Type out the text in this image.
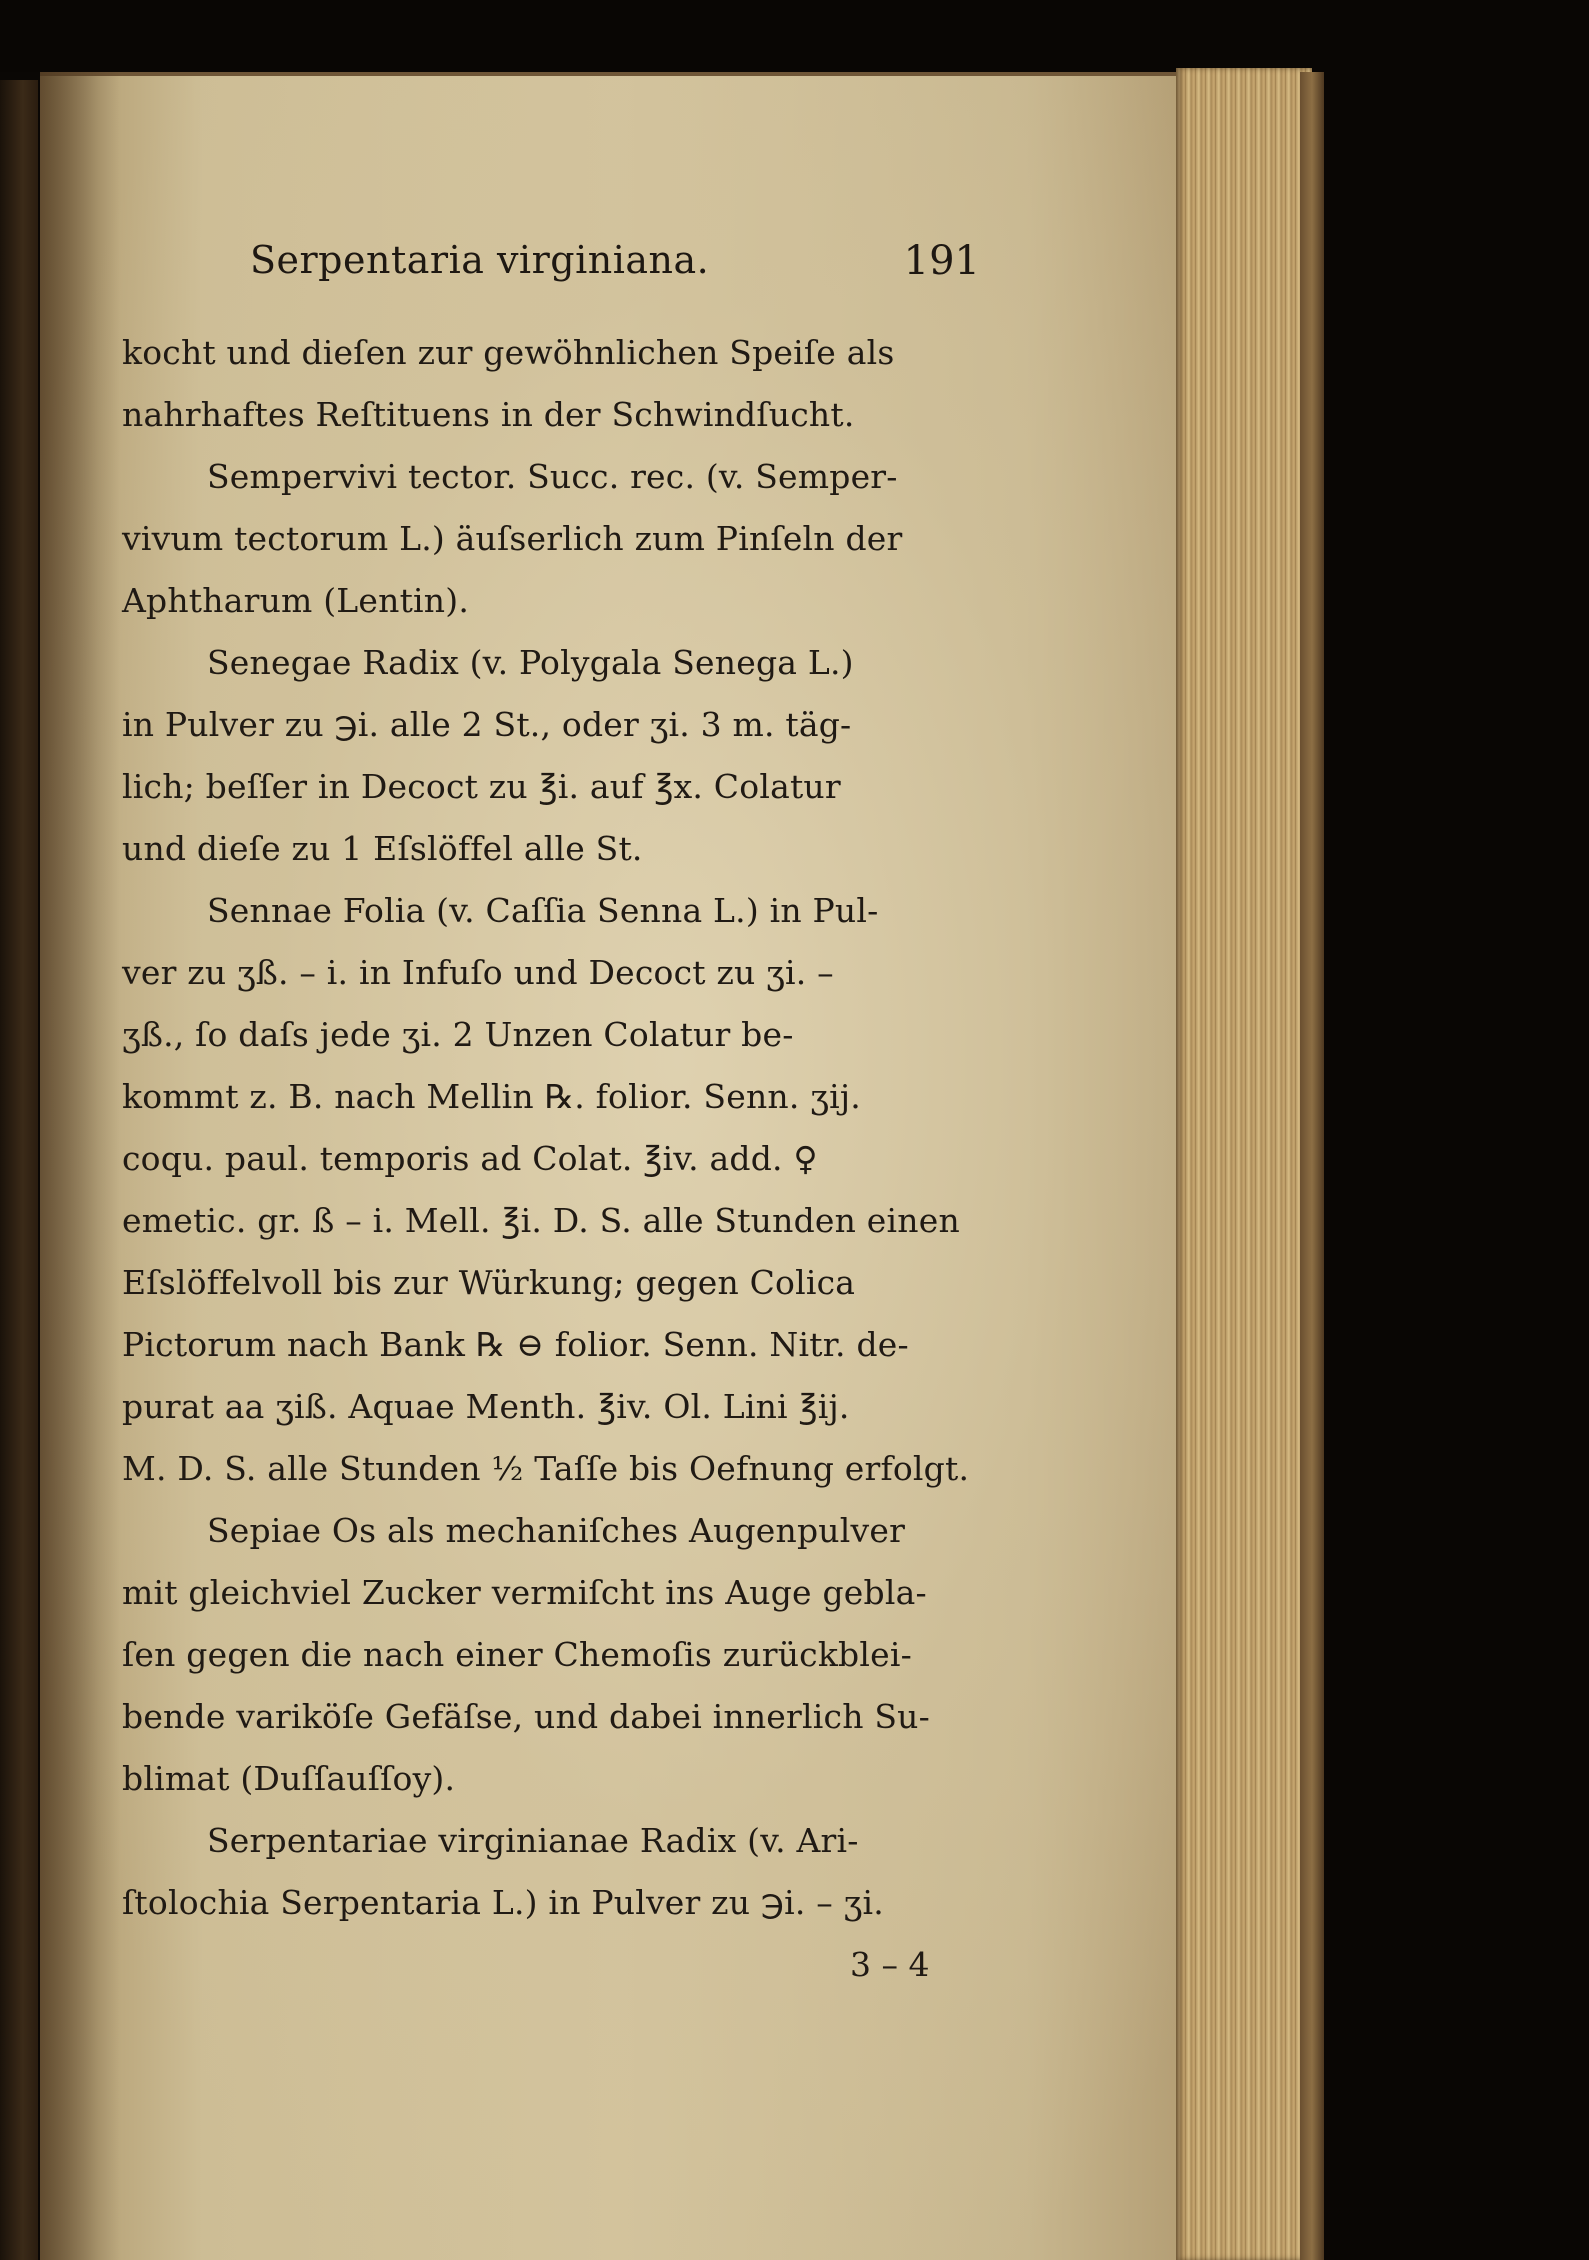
Serpentaria virginiana.	191
kocht und dieſen zur gewöhnlichen Speiſe als
nahrhaftes Reſtituens in der Schwindſucht.
Sempervivi tector. Succ. rec. (v. Semper-
vivum tectorum L.) äuſserlich zum Pinſeln der
Aphtharum (Lentin).
Senegae Radix (v. Polygala Senega L.)
in Pulver zu ℈i. alle 2 St., oder ʒi. 3 m. täg-
lich; beſſer in Decoct zu ℥i. auf ℥x. Colatur
und dieſe zu 1 Eſslöffel alle St.
Sennae Folia (v. Caſſia Senna L.) in Pul-
ver zu ʒß. – i. in Infuſo und Decoct zu ʒi. –
ʒß., ſo daſs jede ʒi. 2 Unzen Colatur be-
kommt z. B. nach Mellin ℞. folior. Senn. ʒij.
coqu. paul. temporis ad Colat. ℥iv. add. ♀
emetic. gr. ß – i. Mell. ℥i. D. S. alle Stunden einen
Eſslöffelvoll bis zur Würkung; gegen Colica
Pictorum nach Bank ℞ ⊖ folior. Senn. Nitr. de-
purat aa ʒiß. Aquae Menth. ℥iv. Ol. Lini ℥ij.
M. D. S. alle Stunden ½ Taſſe bis Oefnung erfolgt.
Sepiae Os als mechaniſches Augenpulver
mit gleichviel Zucker vermiſcht ins Auge gebla-
ſen gegen die nach einer Chemoſis zurückblei-
bende variköſe Gefäſse, und dabei innerlich Su-
blimat (Duſſauſſoy).
Serpentariae virginianae Radix (v. Ari-
ſtolochia Serpentaria L.) in Pulver zu ℈i. – ʒi.
3 – 4
